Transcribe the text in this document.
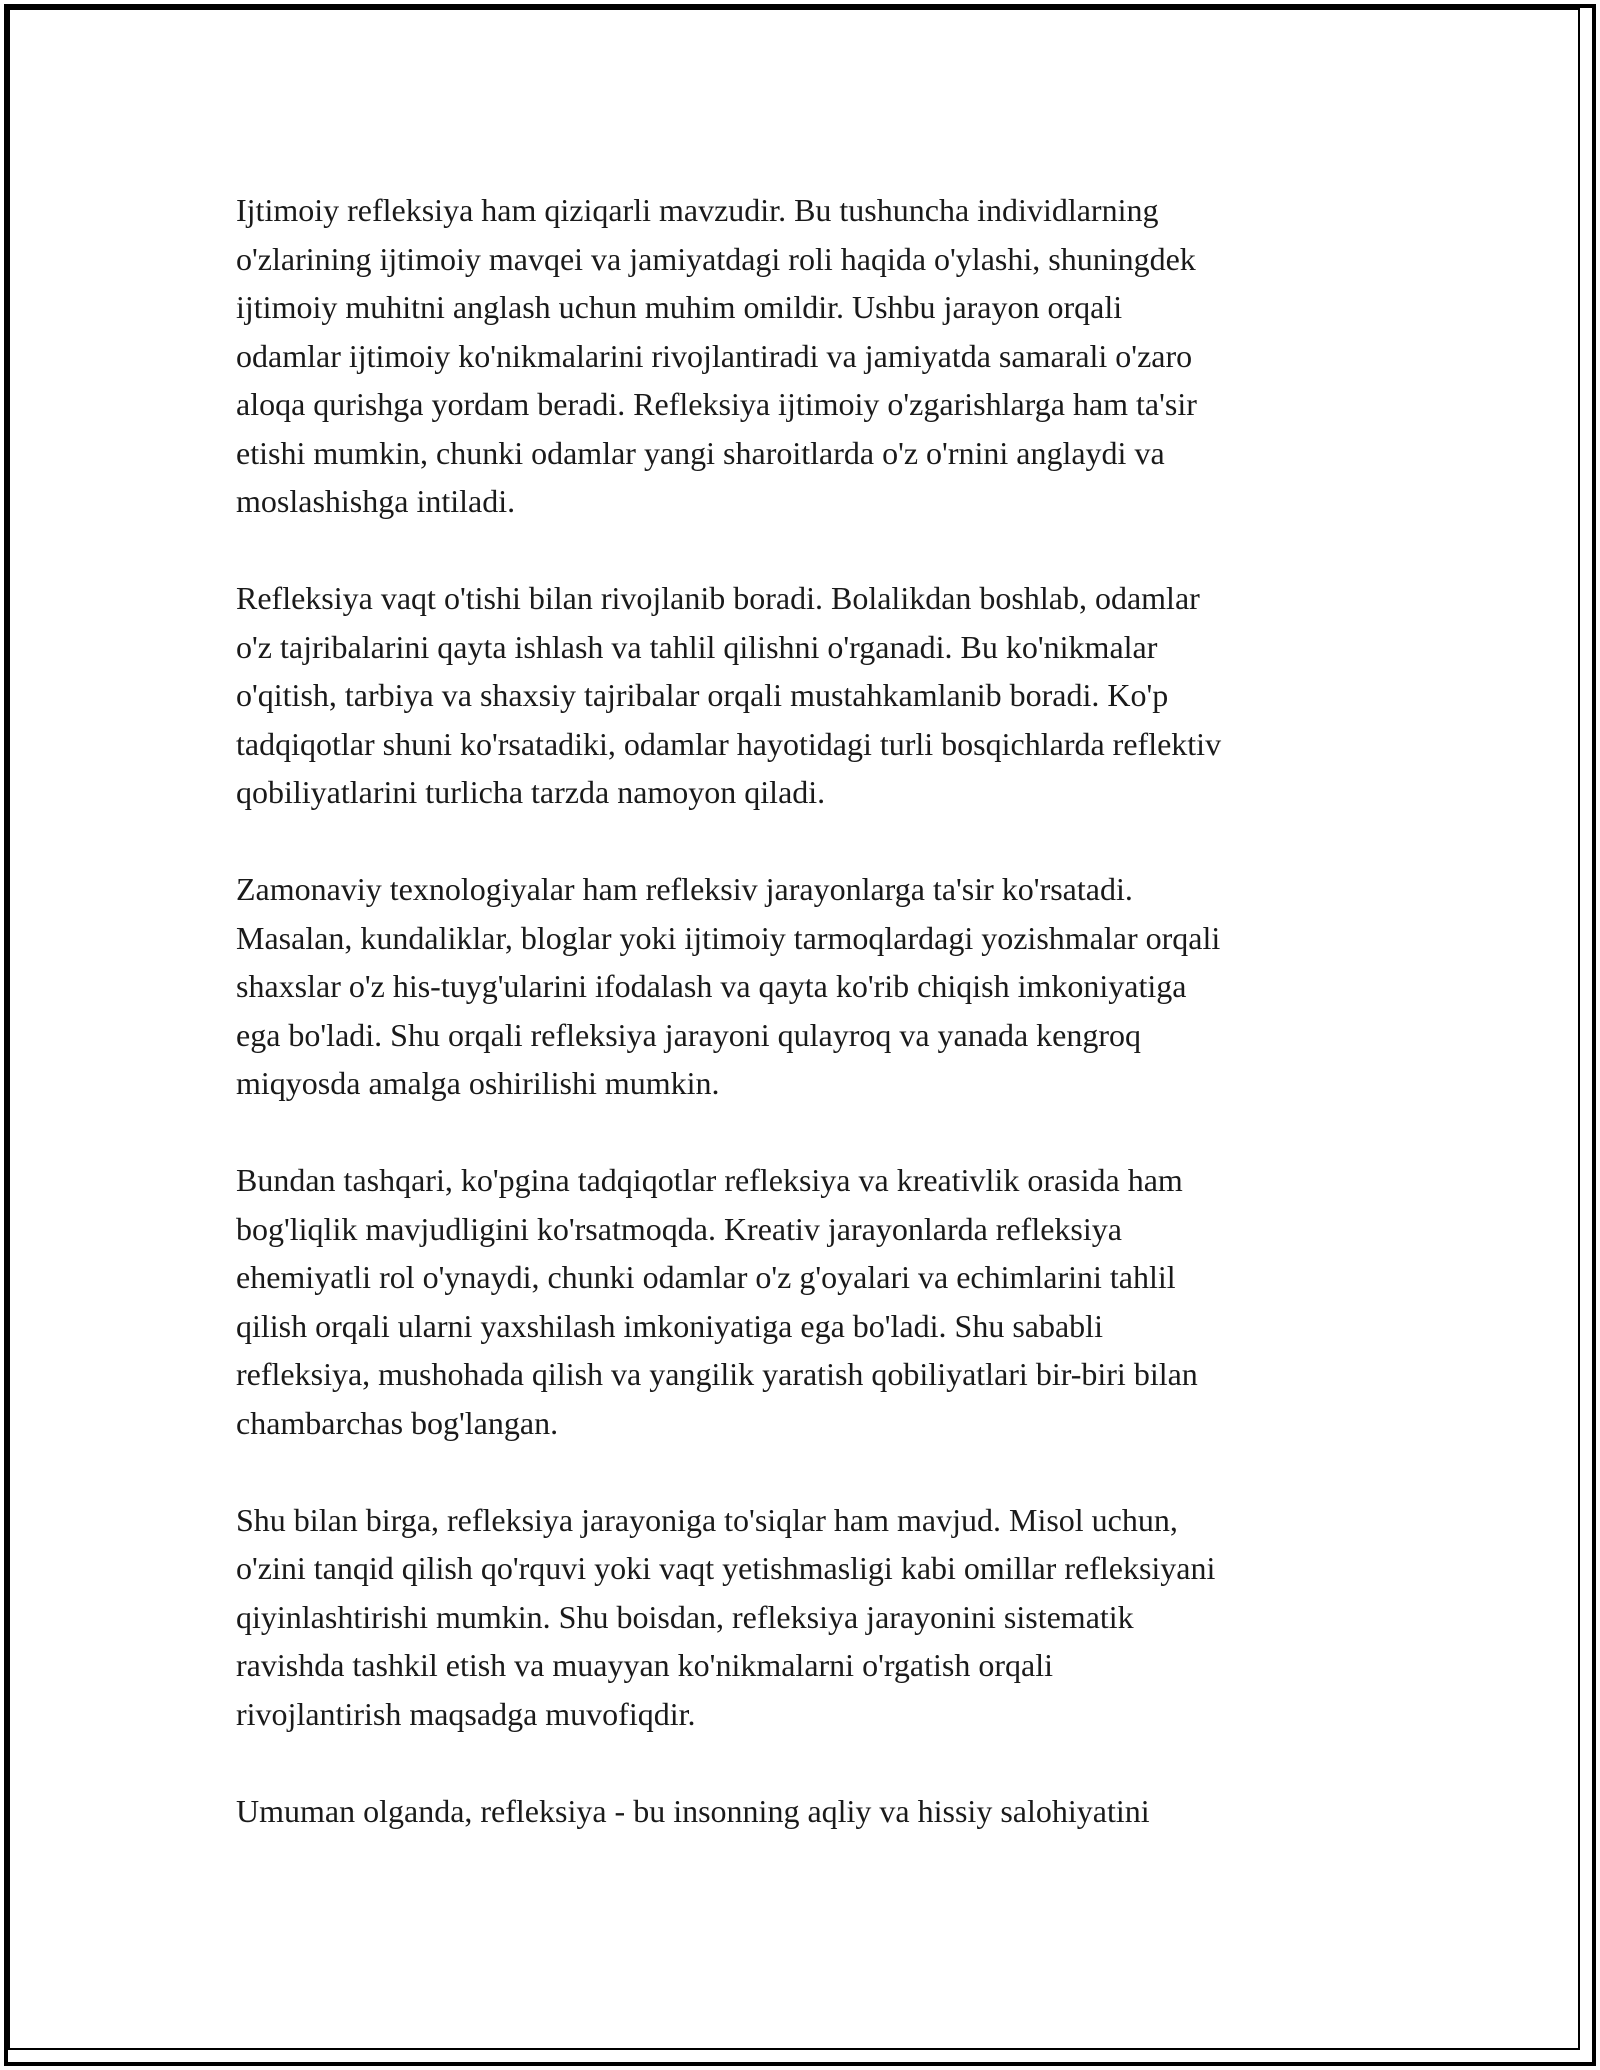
Ijtimoiy refleksiya ham qiziqarli mavzudir. Bu tushuncha individlarning
o'zlarining ijtimoiy mavqei va jamiyatdagi roli haqida o'ylashi, shuningdek
ijtimoiy muhitni anglash uchun muhim omildir. Ushbu jarayon orqali
odamlar ijtimoiy ko'nikmalarini rivojlantiradi va jamiyatda samarali o'zaro
aloqa qurishga yordam beradi. Refleksiya ijtimoiy o'zgarishlarga ham ta'sir
etishi mumkin, chunki odamlar yangi sharoitlarda o'z o'rnini anglaydi va
moslashishga intiladi.

Refleksiya vaqt o'tishi bilan rivojlanib boradi. Bolalikdan boshlab, odamlar
o'z tajribalarini qayta ishlash va tahlil qilishni o'rganadi. Bu ko'nikmalar
o'qitish, tarbiya va shaxsiy tajribalar orqali mustahkamlanib boradi. Ko'p
tadqiqotlar shuni ko'rsatadiki, odamlar hayotidagi turli bosqichlarda reflektiv
qobiliyatlarini turlicha tarzda namoyon qiladi.

Zamonaviy texnologiyalar ham refleksiv jarayonlarga ta'sir ko'rsatadi.
Masalan, kundaliklar, bloglar yoki ijtimoiy tarmoqlardagi yozishmalar orqali
shaxslar o'z his-tuyg'ularini ifodalash va qayta ko'rib chiqish imkoniyatiga
ega bo'ladi. Shu orqali refleksiya jarayoni qulayroq va yanada kengroq
miqyosda amalga oshirilishi mumkin.

Bundan tashqari, ko'pgina tadqiqotlar refleksiya va kreativlik orasida ham
bog'liqlik mavjudligini ko'rsatmoqda. Kreativ jarayonlarda refleksiya
ehemiyatli rol o'ynaydi, chunki odamlar o'z g'oyalari va echimlarini tahlil
qilish orqali ularni yaxshilash imkoniyatiga ega bo'ladi. Shu sababli
refleksiya, mushohada qilish va yangilik yaratish qobiliyatlari bir-biri bilan
chambarchas bog'langan.

Shu bilan birga, refleksiya jarayoniga to'siqlar ham mavjud. Misol uchun,
o'zini tanqid qilish qo'rquvi yoki vaqt yetishmasligi kabi omillar refleksiyani
qiyinlashtirishi mumkin. Shu boisdan, refleksiya jarayonini sistematik
ravishda tashkil etish va muayyan ko'nikmalarni o'rgatish orqali
rivojlantirish maqsadga muvofiqdir.

Umuman olganda, refleksiya - bu insonning aqliy va hissiy salohiyatini
